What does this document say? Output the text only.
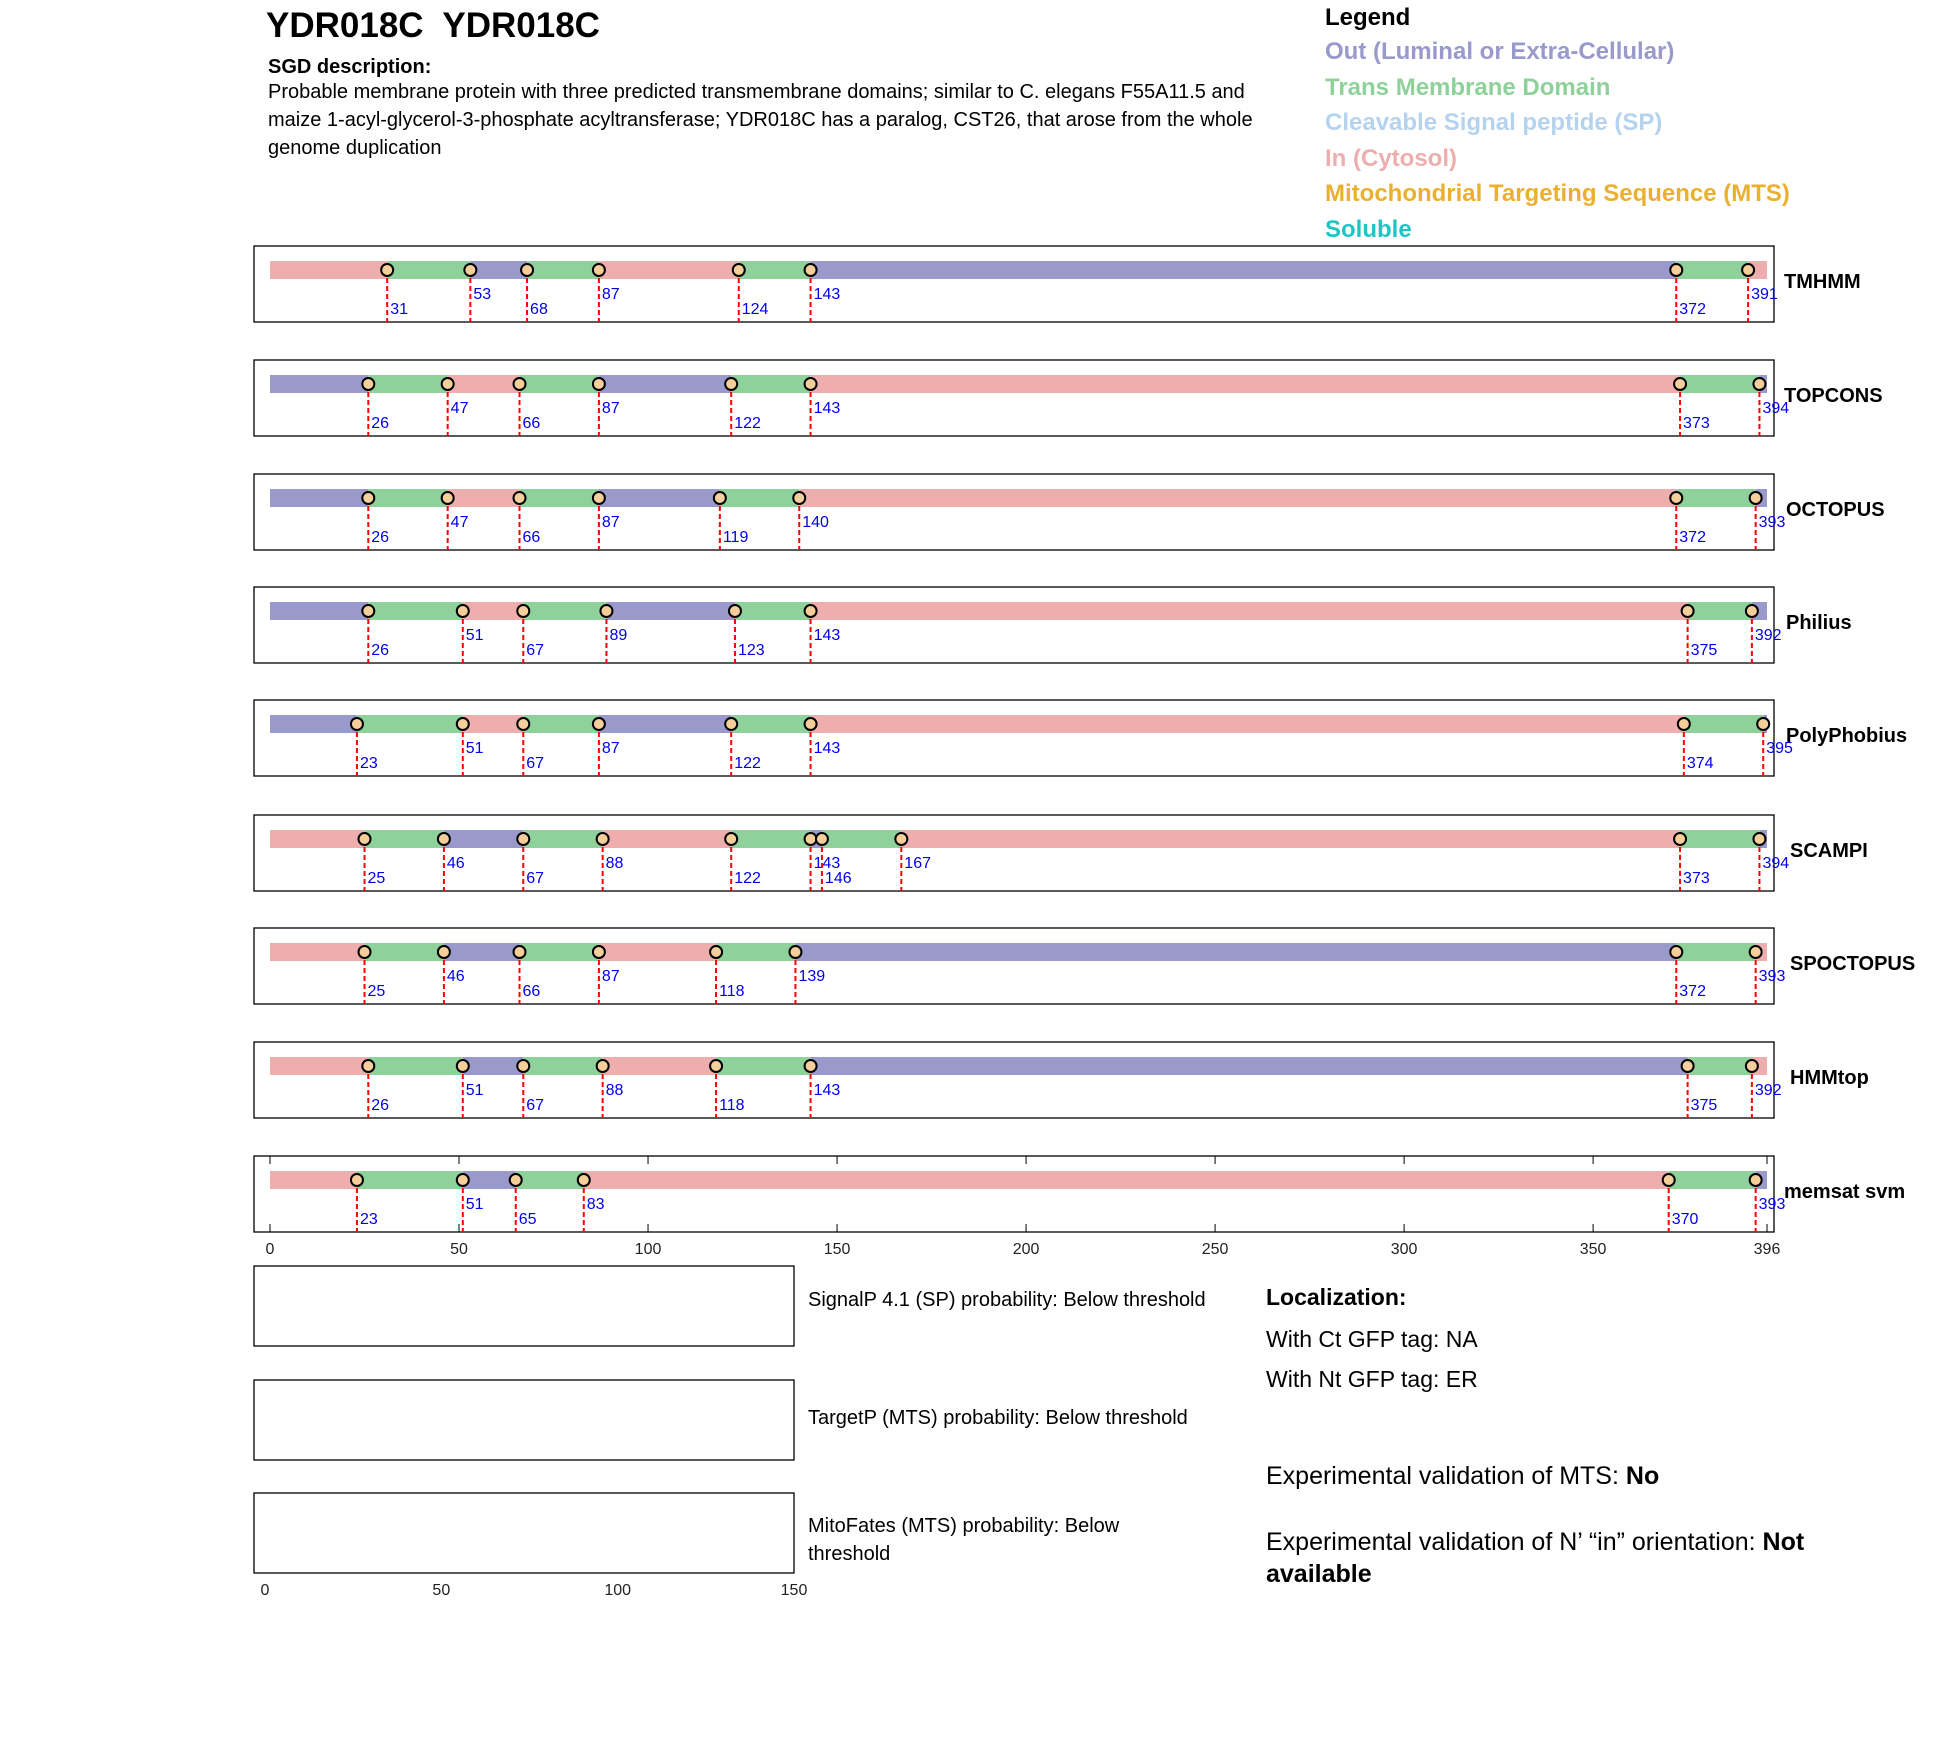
YDR018C  YDR018C
SGD description:
Probable membrane protein with three predicted transmembrane domains; similar to C. elegans F55A11.5 and maize 1-acyl-glycerol-3-phosphate acyltransferase; YDR018C has a paralog, CST26, that arose from the whole genome duplication
Legend
Out (Luminal or Extra-Cellular)
Trans Membrane Domain
Cleavable Signal peptide (SP)
In (Cytosol)
Mitochondrial Targeting Sequence (MTS)
Soluble
TMHMM
31
53
68
87
124
143
372
391
TOPCONS
26
47
66
87
122
143
373
394
OCTOPUS
26
47
66
87
119
140
372
393
Philius
26
51
67
89
123
143
375
392
PolyPhobius
23
51
67
87
122
143
374
395
SCAMPI
25
46
67
88
122
143
146
167
373
394
SPOCTOPUS
25
46
66
87
118
139
372
393
HMMtop
26
51
67
88
118
143
375
392
memsat svm
23
51
65
83
370
393
0	50	100	150	200	250	300	350	396
0	50	100	150
SignalP 4.1 (SP) probability: Below threshold
TargetP (MTS) probability: Below threshold
MitoFates (MTS) probability: Below threshold
Localization:
With Ct GFP tag: NA
With Nt GFP tag: ER
Experimental validation of MTS: No
Experimental validation of N’ “in” orientation: Not available
